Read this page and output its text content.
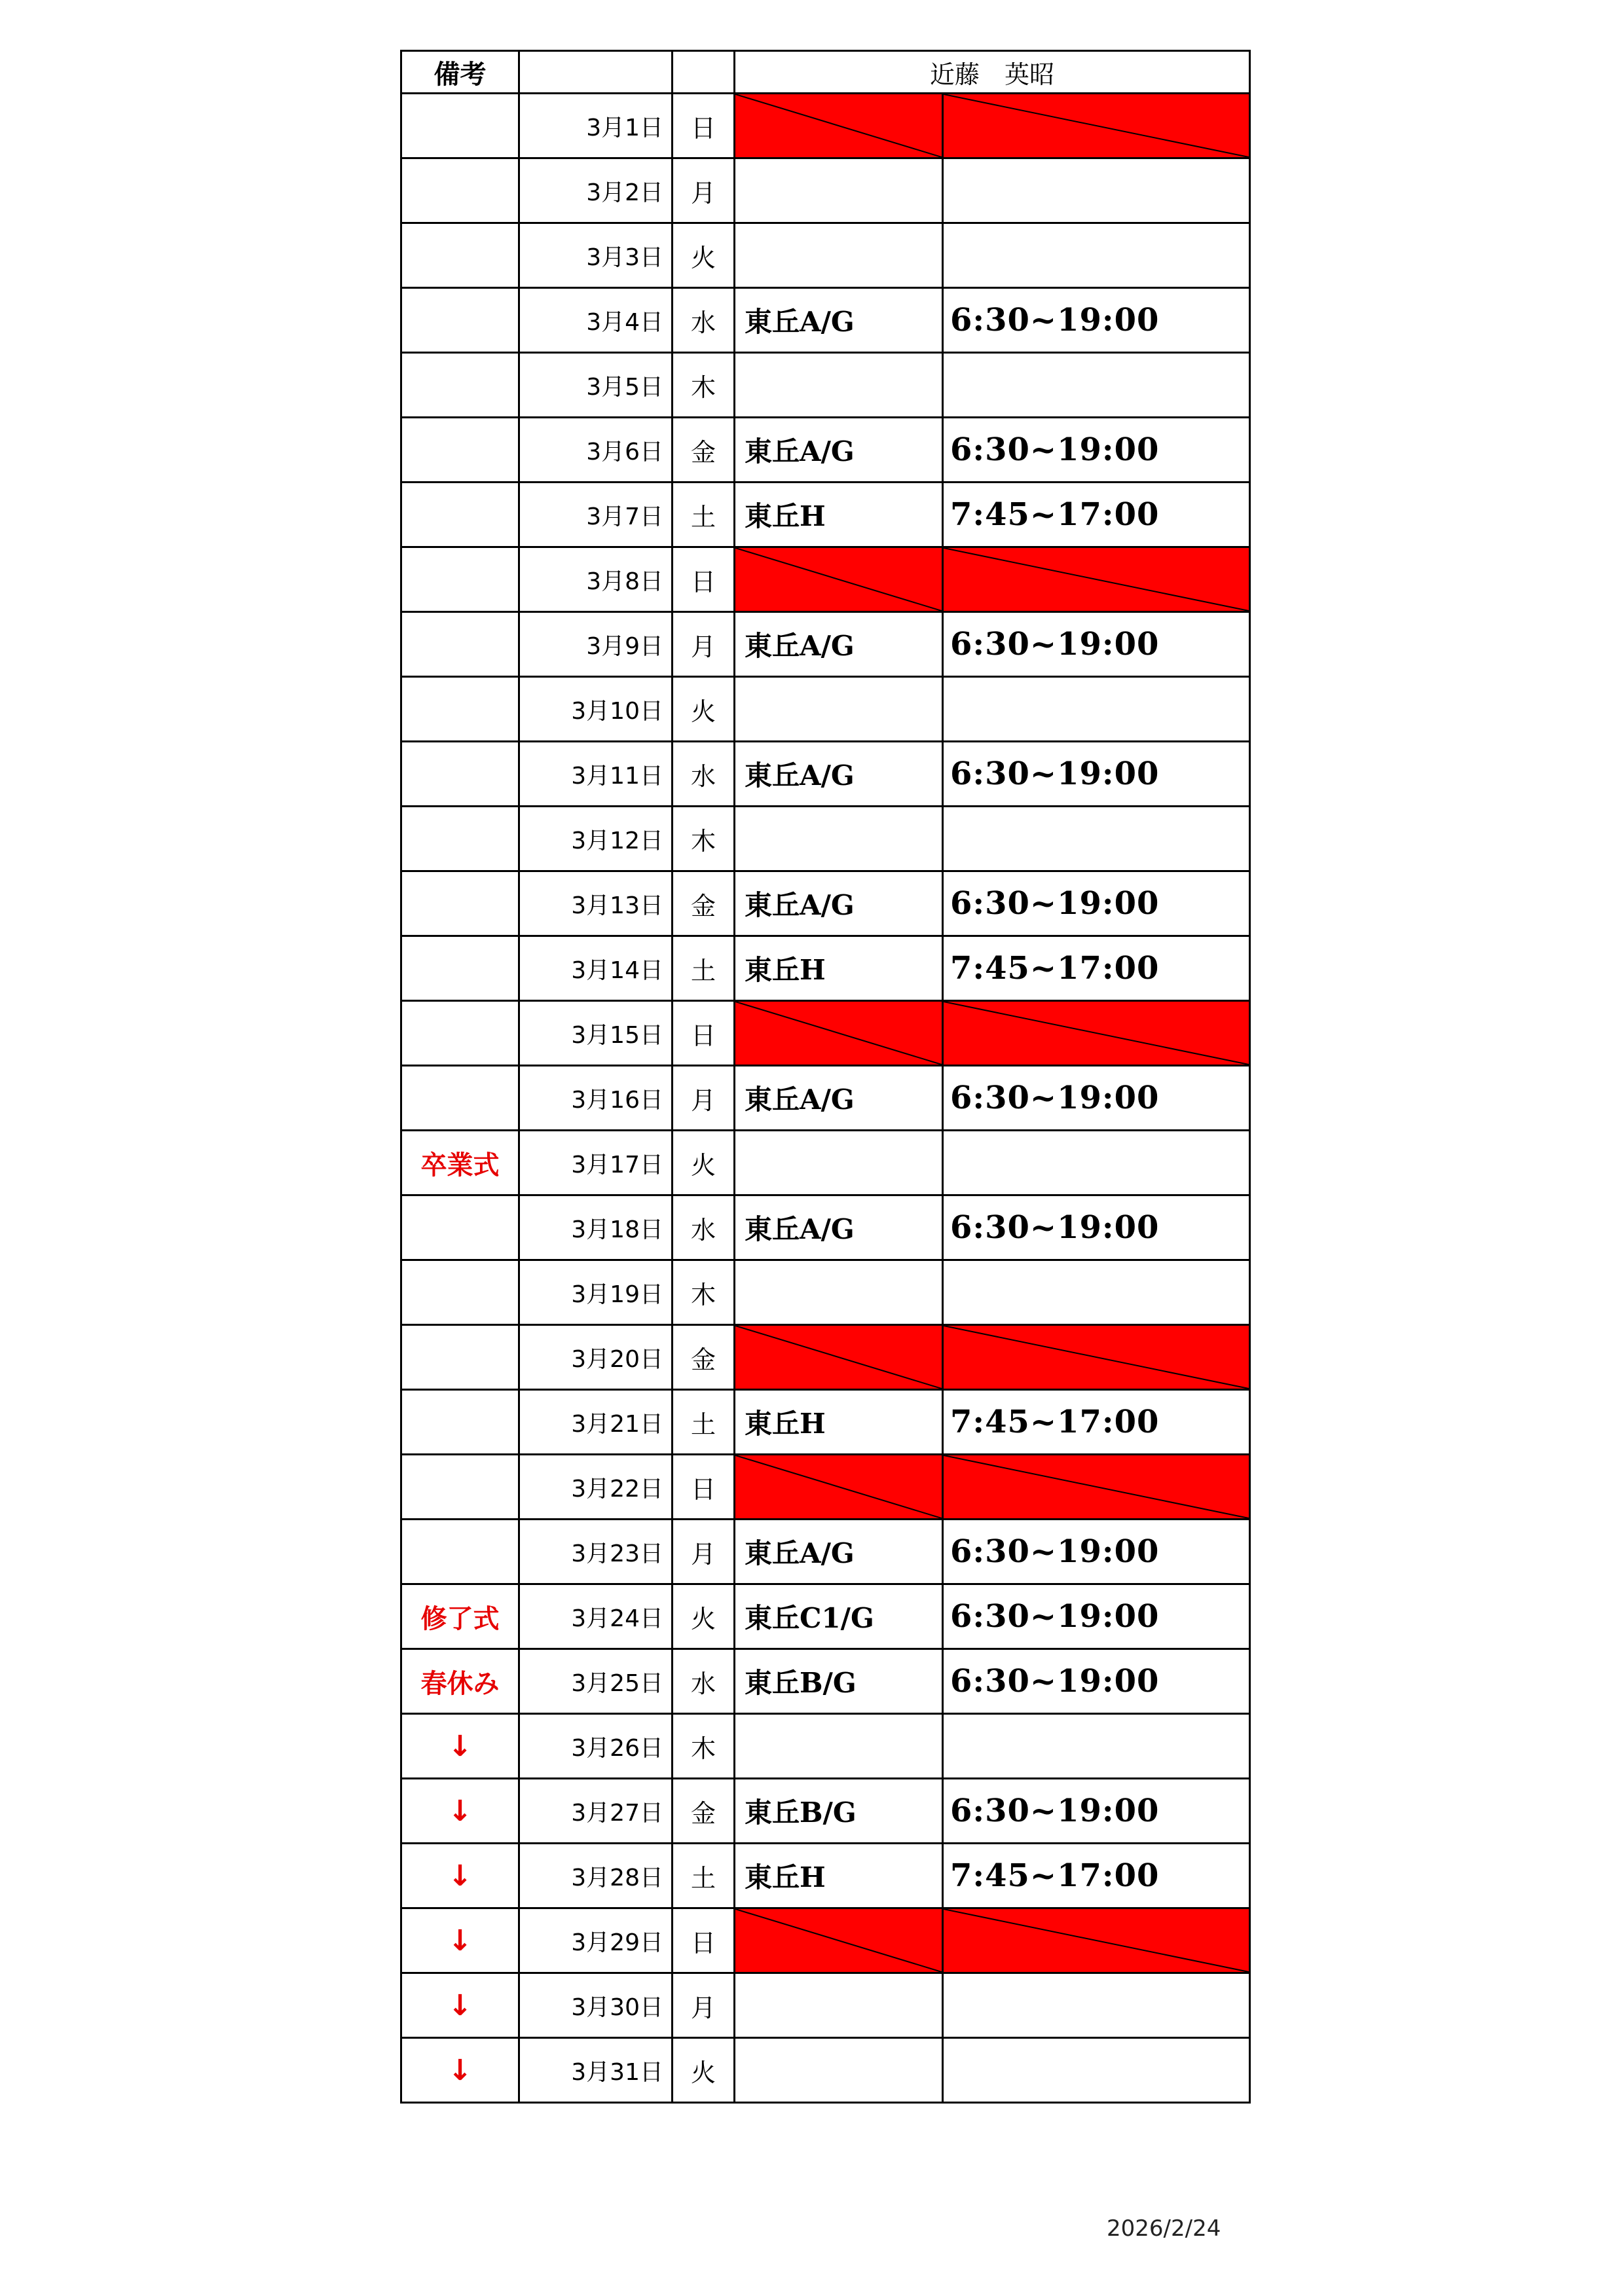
備考			近藤　英昭	
	3月1日	日	

	3月2日	月		
	3月3日	火		
	3月4日	水	東丘A/G	6:30~19:00
	3月5日	木		
	3月6日	金	東丘A/G	6:30~19:00
	3月7日	土	東丘H	7:45~17:00
	3月8日	日	

	3月9日	月	東丘A/G	6:30~19:00
	3月10日	火		
	3月11日	水	東丘A/G	6:30~19:00
	3月12日	木		
	3月13日	金	東丘A/G	6:30~19:00
	3月14日	土	東丘H	7:45~17:00
	3月15日	日	

	3月16日	月	東丘A/G	6:30~19:00
卒業式	3月17日	火		
	3月18日	水	東丘A/G	6:30~19:00
	3月19日	木		
	3月20日	金	

	3月21日	土	東丘H	7:45~17:00
	3月22日	日	

	3月23日	月	東丘A/G	6:30~19:00
修了式	3月24日	火	東丘C1/G	6:30~19:00
春休み	3月25日	水	東丘B/G	6:30~19:00
↓	3月26日	木		
↓	3月27日	金	東丘B/G	6:30~19:00
↓	3月28日	土	東丘H	7:45~17:00
↓	3月29日	日	

↓	3月30日	月		
↓	3月31日	火		
2026/2/24
